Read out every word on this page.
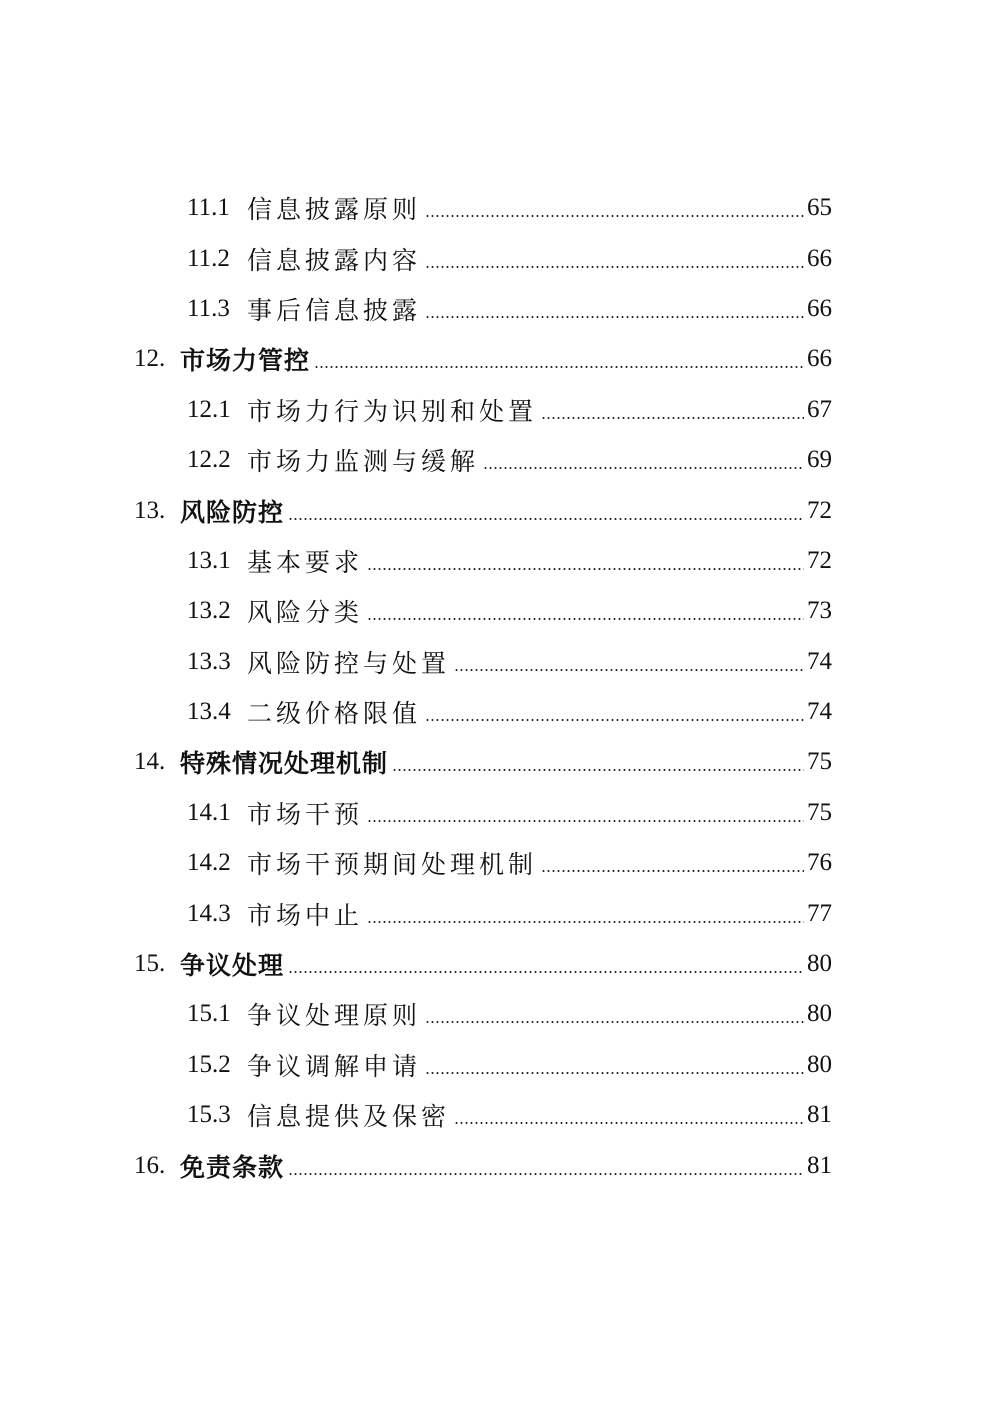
11.1 信息披露原则	65
11.2 信息披露内容	66
11.3 事后信息披露	66
12. 市场力管控	66
12.1 市场力行为识别和处置	67
12.2 市场力监测与缓解	69
13. 风险防控	72
13.1 基本要求	72
13.2 风险分类	73
13.3 风险防控与处置	74
13.4 二级价格限值	74
14. 特殊情况处理机制	75
14.1 市场干预	75
14.2 市场干预期间处理机制	76
14.3 市场中止	77
15. 争议处理	80
15.1 争议处理原则	80
15.2 争议调解申请	80
15.3 信息提供及保密	81
16. 免责条款	81
